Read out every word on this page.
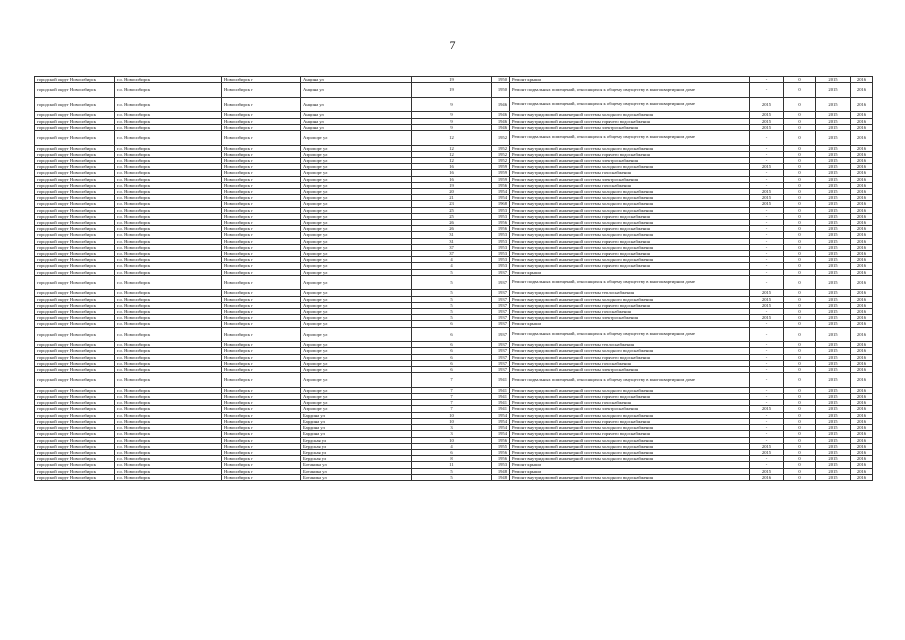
7
городской округ Новосибирск	г.о. Новосибирск	Новосибирск г	Анцина ул	19	1950	Ремонт крыши	-	0	2015	2016
городской округ Новосибирск	г.о. Новосибирск	Новосибирск г	Анцина ул	19	1950	Ремонт подвальных помещений, относящихся к общему имуществу в многоквартирном доме	-	0	2015	2016
городской округ Новосибирск	г.о. Новосибирск	Новосибирск г	Анцина ул	9	1946	Ремонт подвальных помещений, относящихся к общему имуществу в многоквартирном доме	2015	0	2015	2016
городской округ Новосибирск	г.о. Новосибирск	Новосибирск г	Анцина ул	9	1946	Ремонт внутридомовой инженерной системы холодного водоснабжения	2015	0	2015	2016
городской округ Новосибирск	г.о. Новосибирск	Новосибирск г	Анцина ул	9	1946	Ремонт внутридомовой инженерной системы горячего водоснабжения	2015	0	2015	2016
городской округ Новосибирск	г.о. Новосибирск	Новосибирск г	Анцина ул	9	1946	Ремонт внутридомовой инженерной системы электроснабжения	2015	0	2015	2016
городской округ Новосибирск	г.о. Новосибирск	Новосибирск г	Аэропорт ул	12	1952	Ремонт подвальных помещений, относящихся к общему имуществу в многоквартирном доме	-	0	2015	2016
городской округ Новосибирск	г.о. Новосибирск	Новосибирск г	Аэропорт ул	12	1952	Ремонт внутридомовой инженерной системы холодного водоснабжения	-	0	2015	2016
городской округ Новосибирск	г.о. Новосибирск	Новосибирск г	Аэропорт ул	12	1952	Ремонт внутридомовой инженерной системы горячего водоснабжения	-	0	2015	2016
городской округ Новосибирск	г.о. Новосибирск	Новосибирск г	Аэропорт ул	12	1952	Ремонт внутридомовой инженерной системы электроснабжения	-	0	2015	2016
городской округ Новосибирск	г.о. Новосибирск	Новосибирск г	Аэропорт ул	16	1959	Ремонт внутридомовой инженерной системы холодного водоснабжения	2015	0	2015	2016
городской округ Новосибирск	г.о. Новосибирск	Новосибирск г	Аэропорт ул	16	1959	Ремонт внутридомовой инженерной системы газоснабжения	-	0	2015	2016
городской округ Новосибирск	г.о. Новосибирск	Новосибирск г	Аэропорт ул	16	1959	Ремонт внутридомовой инженерной системы электроснабжения	-	0	2015	2016
городской округ Новосибирск	г.о. Новосибирск	Новосибирск г	Аэропорт ул	19	1956	Ремонт внутридомовой инженерной системы газоснабжения	-	0	2015	2016
городской округ Новосибирск	г.о. Новосибирск	Новосибирск г	Аэропорт ул	20	1954	Ремонт внутридомовой инженерной системы холодного водоснабжения	2015	0	2015	2016
городской округ Новосибирск	г.о. Новосибирск	Новосибирск г	Аэропорт ул	21	1954	Ремонт внутридомовой инженерной системы холодного водоснабжения	2015	0	2015	2016
городской округ Новосибирск	г.о. Новосибирск	Новосибирск г	Аэропорт ул	23	1968	Ремонт внутридомовой инженерной системы холодного водоснабжения	2015	0	2015	2016
городской округ Новосибирск	г.о. Новосибирск	Новосибирск г	Аэропорт ул	25	1953	Ремонт внутридомовой инженерной системы холодного водоснабжения	-	0	2015	2016
городской округ Новосибирск	г.о. Новосибирск	Новосибирск г	Аэропорт ул	25	1953	Ремонт внутридомовой инженерной системы горячего водоснабжения	-	0	2015	2016
городской округ Новосибирск	г.о. Новосибирск	Новосибирск г	Аэропорт ул	26	1956	Ремонт внутридомовой инженерной системы холодного водоснабжения	-	0	2015	2016
городской округ Новосибирск	г.о. Новосибирск	Новосибирск г	Аэропорт ул	26	1956	Ремонт внутридомовой инженерной системы горячего водоснабжения	-	0	2015	2016
городской округ Новосибирск	г.о. Новосибирск	Новосибирск г	Аэропорт ул	31	1953	Ремонт внутридомовой инженерной системы холодного водоснабжения	-	0	2015	2016
городской округ Новосибирск	г.о. Новосибирск	Новосибирск г	Аэропорт ул	31	1953	Ремонт внутридомовой инженерной системы горячего водоснабжения	-	0	2015	2016
городской округ Новосибирск	г.о. Новосибирск	Новосибирск г	Аэропорт ул	37	1953	Ремонт внутридомовой инженерной системы холодного водоснабжения	-	0	2015	2016
городской округ Новосибирск	г.о. Новосибирск	Новосибирск г	Аэропорт ул	37	1953	Ремонт внутридомовой инженерной системы горячего водоснабжения	-	0	2015	2016
городской округ Новосибирск	г.о. Новосибирск	Новосибирск г	Аэропорт ул	4	1953	Ремонт внутридомовой инженерной системы холодного водоснабжения	-	0	2015	2016
городской округ Новосибирск	г.о. Новосибирск	Новосибирск г	Аэропорт ул	4	1953	Ремонт внутридомовой инженерной системы горячего водоснабжения	-	0	2015	2016
городской округ Новосибирск	г.о. Новосибирск	Новосибирск г	Аэропорт ул	5	1937	Ремонт крыши	-	0	2015	2016
городской округ Новосибирск	г.о. Новосибирск	Новосибирск г	Аэропорт ул	5	1937	Ремонт подвальных помещений, относящихся к общему имуществу в многоквартирном доме	-	0	2015	2016
городской округ Новосибирск	г.о. Новосибирск	Новосибирск г	Аэропорт ул	5	1937	Ремонт внутридомовой инженерной системы теплоснабжения	2015	0	2015	2016
городской округ Новосибирск	г.о. Новосибирск	Новосибирск г	Аэропорт ул	5	1937	Ремонт внутридомовой инженерной системы холодного водоснабжения	2015	0	2015	2016
городской округ Новосибирск	г.о. Новосибирск	Новосибирск г	Аэропорт ул	5	1937	Ремонт внутридомовой инженерной системы горячего водоснабжения	2015	0	2015	2016
городской округ Новосибирск	г.о. Новосибирск	Новосибирск г	Аэропорт ул	5	1937	Ремонт внутридомовой инженерной системы газоснабжения	-	0	2015	2016
городской округ Новосибирск	г.о. Новосибирск	Новосибирск г	Аэропорт ул	5	1937	Ремонт внутридомовой инженерной системы электроснабжения	2015	0	2015	2016
городской округ Новосибирск	г.о. Новосибирск	Новосибирск г	Аэропорт ул	6	1937	Ремонт крыши	-	0	2015	2016
городской округ Новосибирск	г.о. Новосибирск	Новосибирск г	Аэропорт ул	6	1937	Ремонт подвальных помещений, относящихся к общему имуществу в многоквартирном доме	-	0	2015	2016
городской округ Новосибирск	г.о. Новосибирск	Новосибирск г	Аэропорт ул	6	1937	Ремонт внутридомовой инженерной системы теплоснабжения	-	0	2015	2016
городской округ Новосибирск	г.о. Новосибирск	Новосибирск г	Аэропорт ул	6	1937	Ремонт внутридомовой инженерной системы холодного водоснабжения	-	0	2015	2016
городской округ Новосибирск	г.о. Новосибирск	Новосибирск г	Аэропорт ул	6	1937	Ремонт внутридомовой инженерной системы горячего водоснабжения	-	0	2015	2016
городской округ Новосибирск	г.о. Новосибирск	Новосибирск г	Аэропорт ул	6	1937	Ремонт внутридомовой инженерной системы газоснабжения	-	0	2015	2016
городской округ Новосибирск	г.о. Новосибирск	Новосибирск г	Аэропорт ул	6	1937	Ремонт внутридомовой инженерной системы электроснабжения	-	0	2015	2016
городской округ Новосибирск	г.о. Новосибирск	Новосибирск г	Аэропорт ул	7	1941	Ремонт подвальных помещений, относящихся к общему имуществу в многоквартирном доме	-	0	2015	2016
городской округ Новосибирск	г.о. Новосибирск	Новосибирск г	Аэропорт ул	7	1941	Ремонт внутридомовой инженерной системы холодного водоснабжения	-	0	2015	2016
городской округ Новосибирск	г.о. Новосибирск	Новосибирск г	Аэропорт ул	7	1941	Ремонт внутридомовой инженерной системы горячего водоснабжения	-	0	2015	2016
городской округ Новосибирск	г.о. Новосибирск	Новосибирск г	Аэропорт ул	7	1941	Ремонт внутридомовой инженерной системы газоснабжения	-	0	2015	2016
городской округ Новосибирск	г.о. Новосибирск	Новосибирск г	Аэропорт ул	7	1941	Ремонт внутридомовой инженерной системы электроснабжения	2015	0	2015	2016
городской округ Новосибирск	г.о. Новосибирск	Новосибирск г	Бардина ул	10	1954	Ремонт внутридомовой инженерной системы холодного водоснабжения	-	0	2015	2016
городской округ Новосибирск	г.о. Новосибирск	Новосибирск г	Бардина ул	10	1954	Ремонт внутридомовой инженерной системы горячего водоснабжения	-	0	2015	2016
городской округ Новосибирск	г.о. Новосибирск	Новосибирск г	Бардина ул	3	1954	Ремонт внутридомовой инженерной системы холодного водоснабжения	-	0	2015	2016
городской округ Новосибирск	г.о. Новосибирск	Новосибирск г	Бардина ул	3	1954	Ремонт внутридомовой инженерной системы горячего водоснабжения	-	0	2015	2016
городской округ Новосибирск	г.о. Новосибирск	Новосибирск г	Бердская ул	10	1956	Ремонт внутридомовой инженерной системы холодного водоснабжения	-	0	2015	2016
городской округ Новосибирск	г.о. Новосибирск	Новосибирск г	Бердская ул	4	1955	Ремонт внутридомовой инженерной системы холодного водоснабжения	2015	0	2015	2016
городской округ Новосибирск	г.о. Новосибирск	Новосибирск г	Бердская ул	6	1956	Ремонт внутридомовой инженерной системы холодного водоснабжения	2015	0	2015	2016
городской округ Новосибирск	г.о. Новосибирск	Новосибирск г	Бердская ул	8	1956	Ремонт внутридомовой инженерной системы холодного водоснабжения	-	0	2015	2016
городской округ Новосибирск	г.о. Новосибирск	Новосибирск г	Ботаника ул	11	1953	Ремонт крыши	-	0	2015	2016
городской округ Новосибирск	г.о. Новосибирск	Новосибирск г	Ботаника ул	5	1948	Ремонт крыши	2015	0	2015	2016
городской округ Новосибирск	г.о. Новосибирск	Новосибирск г	Ботаника ул	5	1948	Ремонт внутридомовой инженерной системы холодного водоснабжения	2016	0	2015	2016
